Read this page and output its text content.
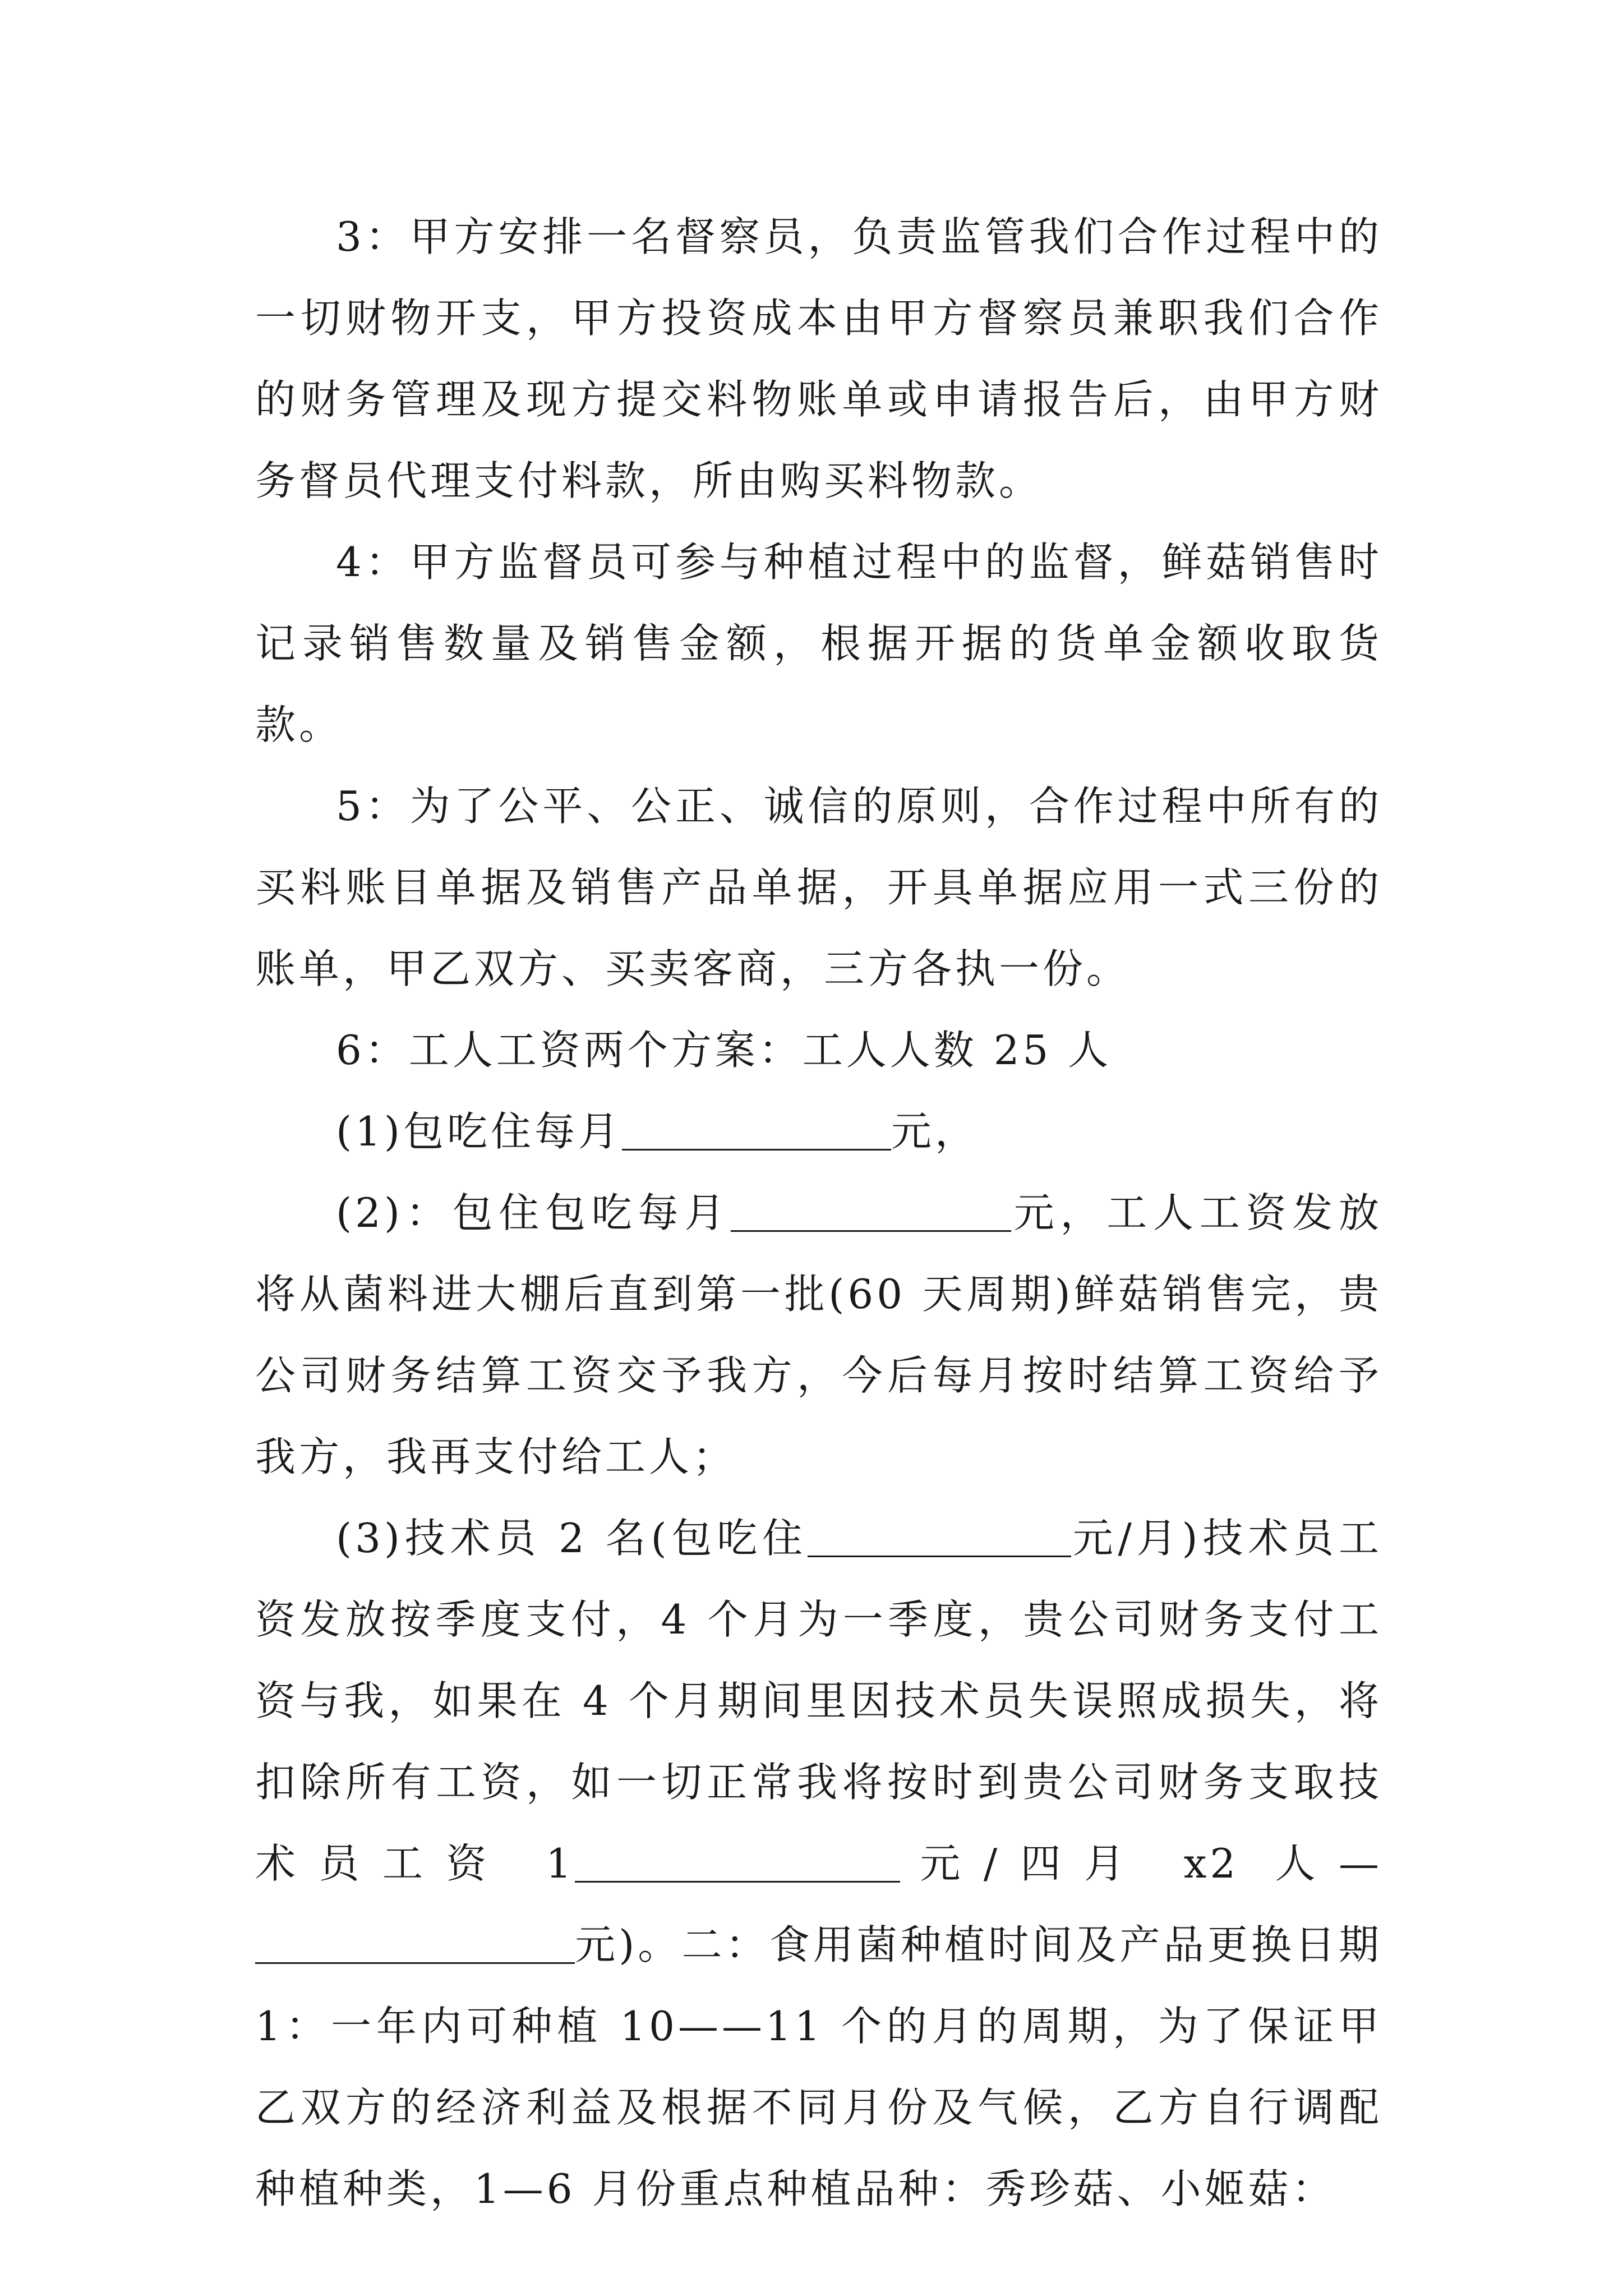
3：甲方安排一名督察员，负责监管我们合作过程中的一切财物开支，甲方投资成本由甲方督察员兼职我们合作的财务管理及现方提交料物账单或申请报告后，由甲方财务督员代理支付料款，所由购买料物款。

4：甲方监督员可参与种植过程中的监督，鲜菇销售时记录销售数量及销售金额，根据开据的货单金额收取货款。

5：为了公平、公正、诚信的原则，合作过程中所有的买料账目单据及销售产品单据，开具单据应用一式三份的账单，甲乙双方、买卖客商，三方各执一份。

6：工人工资两个方案：工人人数 25 人

(1)包吃住每月	元，

(2)：包住包吃每月	元，工人工资发放将从菌料进大棚后直到第一批(60 天周期)鲜菇销售完，贵公司财务结算工资交予我方，今后每月按时结算工资给予我方，我再支付给工人；

(3)技术员 2 名(包吃住	元/月)技术员工资发放按季度支付，4 个月为一季度，贵公司财务支付工资与我，如果在 4 个月期间里因技术员失误照成损失，将扣除所有工资，如一切正常我将按时到贵公司财务支取技术员工资 1	元/四月 x2 人—元)。二：食用菌种植时间及产品更换日期 1：一年内可种植 10——11 个的月的周期，为了保证甲乙双方的经济利益及根据不同月份及气候，乙方自行调配种植种类，1—6 月份重点种植品种：秀珍菇、小姬菇：
